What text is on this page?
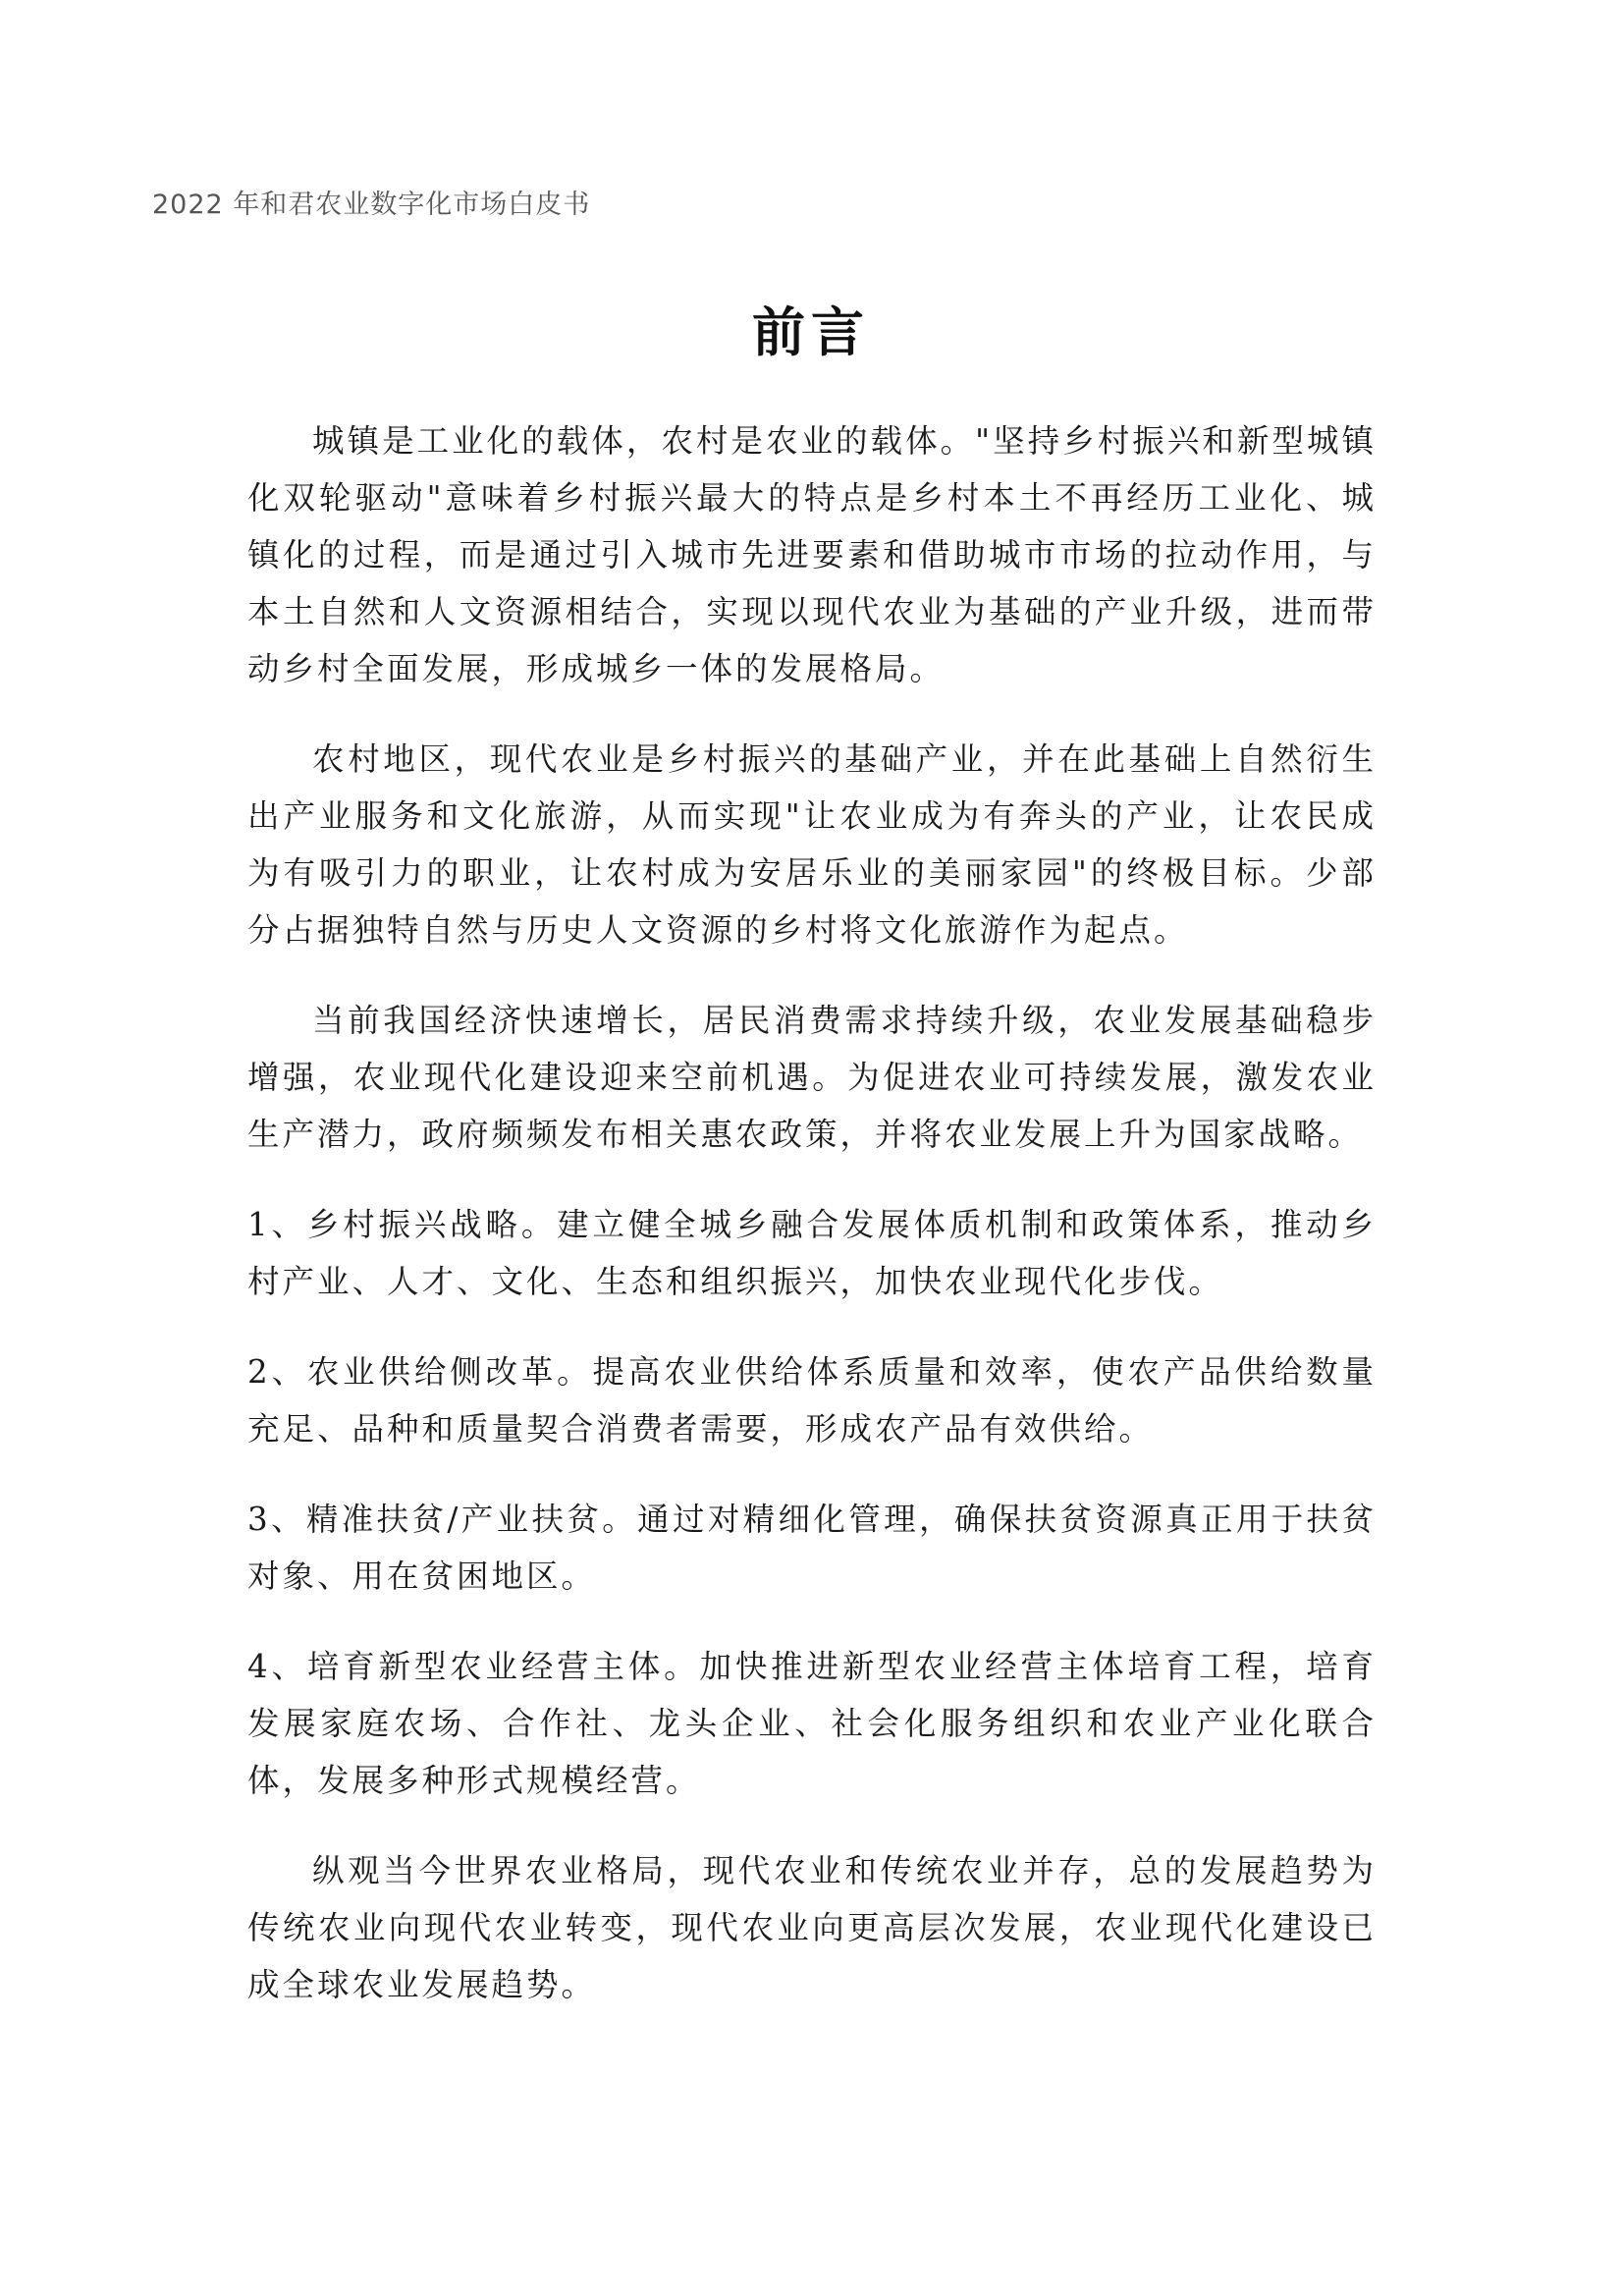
2022 年和君农业数字化市场白皮书
前言

城镇是工业化的载体，农村是农业的载体。"坚持乡村振兴和新型城镇化双轮驱动"意味着乡村振兴最大的特点是乡村本土不再经历工业化、城镇化的过程，而是通过引入城市先进要素和借助城市市场的拉动作用，与本土自然和人文资源相结合，实现以现代农业为基础的产业升级，进而带动乡村全面发展，形成城乡一体的发展格局。

农村地区，现代农业是乡村振兴的基础产业，并在此基础上自然衍生出产业服务和文化旅游，从而实现"让农业成为有奔头的产业，让农民成为有吸引力的职业，让农村成为安居乐业的美丽家园"的终极目标。少部分占据独特自然与历史人文资源的乡村将文化旅游作为起点。

当前我国经济快速增长，居民消费需求持续升级，农业发展基础稳步增强，农业现代化建设迎来空前机遇。为促进农业可持续发展，激发农业生产潜力，政府频频发布相关惠农政策，并将农业发展上升为国家战略。

1、乡村振兴战略。建立健全城乡融合发展体质机制和政策体系，推动乡村产业、人才、文化、生态和组织振兴，加快农业现代化步伐。

2、农业供给侧改革。提高农业供给体系质量和效率，使农产品供给数量充足、品种和质量契合消费者需要，形成农产品有效供给。

3、精准扶贫/产业扶贫。通过对精细化管理，确保扶贫资源真正用于扶贫对象、用在贫困地区。

4、培育新型农业经营主体。加快推进新型农业经营主体培育工程，培育发展家庭农场、合作社、龙头企业、社会化服务组织和农业产业化联合体，发展多种形式规模经营。

纵观当今世界农业格局，现代农业和传统农业并存，总的发展趋势为传统农业向现代农业转变，现代农业向更高层次发展，农业现代化建设已成全球农业发展趋势。
